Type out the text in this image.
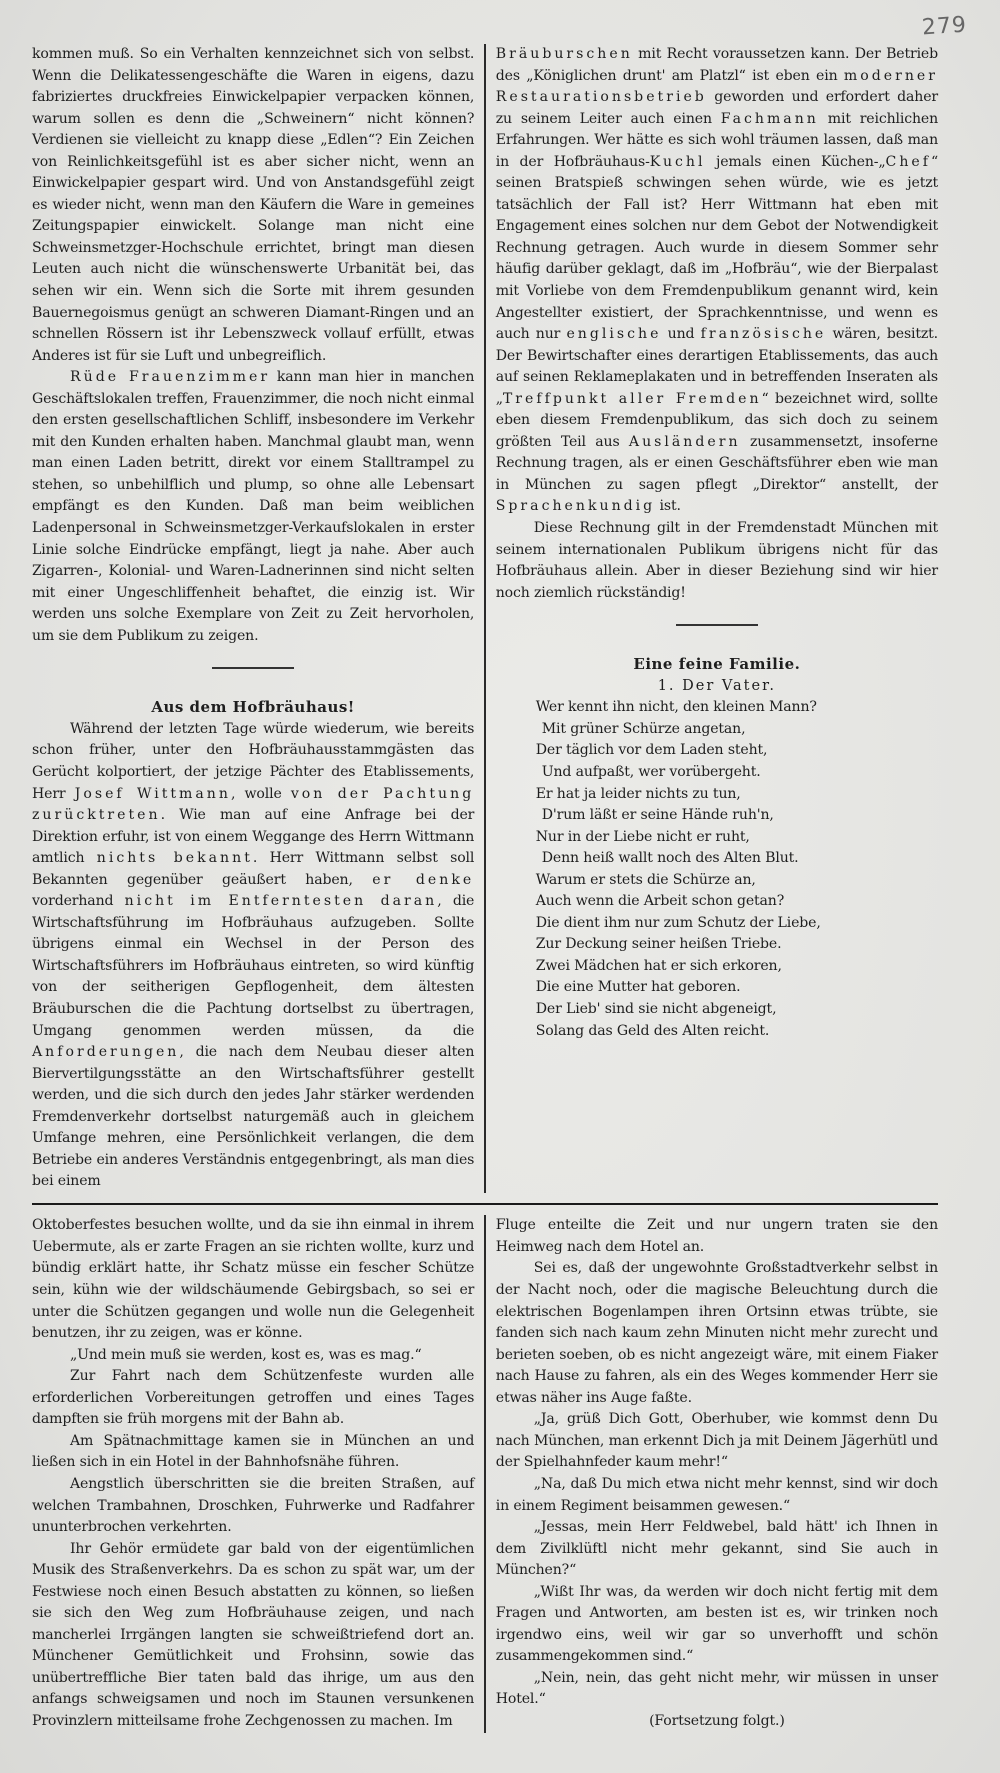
279

kommen muß. So ein Verhalten kennzeichnet sich von selbst. Wenn die Delikatessengeschäfte die Waren in eigens, dazu fabriziertes druckfreies Einwickelpapier verpacken können, warum sollen es denn die „Schweinern“ nicht können? Verdienen sie vielleicht zu knapp diese „Edlen“? Ein Zeichen von Reinlichkeitsgefühl ist es aber sicher nicht, wenn an Einwickelpapier gespart wird. Und von Anstandsgefühl zeigt es wieder nicht, wenn man den Käufern die Ware in gemeines Zeitungspapier einwickelt. Solange man nicht eine Schweinsmetzger-Hochschule errichtet, bringt man diesen Leuten auch nicht die wünschenswerte Urbanität bei, das sehen wir ein. Wenn sich die Sorte mit ihrem gesunden Bauernegoismus genügt an schweren Diamant-Ringen und an schnellen Rössern ist ihr Lebenszweck vollauf erfüllt, etwas Anderes ist für sie Luft und unbegreiflich.

Rüde Frauenzimmer kann man hier in manchen Geschäftslokalen treffen, Frauenzimmer, die noch nicht einmal den ersten gesellschaftlichen Schliff, insbesondere im Verkehr mit den Kunden erhalten haben. Manchmal glaubt man, wenn man einen Laden betritt, direkt vor einem Stalltrampel zu stehen, so unbehilflich und plump, so ohne alle Lebensart empfängt es den Kunden. Daß man beim weiblichen Ladenpersonal in Schweinsmetzger-Verkaufslokalen in erster Linie solche Eindrücke empfängt, liegt ja nahe. Aber auch Zigarren-, Kolonial- und Waren-Ladnerinnen sind nicht selten mit einer Ungeschliffenheit behaftet, die einzig ist. Wir werden uns solche Exemplare von Zeit zu Zeit hervorholen, um sie dem Publikum zu zeigen.

Aus dem Hofbräuhaus!

Während der letzten Tage würde wiederum, wie bereits schon früher, unter den Hofbräuhausstammgästen das Gerücht kolportiert, der jetzige Pächter des Etablissements, Herr Josef Wittmann, wolle von der Pachtung zurücktreten. Wie man auf eine Anfrage bei der Direktion erfuhr, ist von einem Weggange des Herrn Wittmann amtlich nichts bekannt. Herr Wittmann selbst soll Bekannten gegenüber geäußert haben, er denke vorderhand nicht im Entferntesten daran, die Wirtschaftsführung im Hofbräuhaus aufzugeben. Sollte übrigens einmal ein Wechsel in der Person des Wirtschaftsführers im Hofbräuhaus eintreten, so wird künftig von der seitherigen Gepflogenheit, dem ältesten Bräuburschen die die Pachtung dortselbst zu übertragen, Umgang genommen werden müssen, da die Anforderungen, die nach dem Neubau dieser alten Biervertilgungsstätte an den Wirtschaftsführer gestellt werden, und die sich durch den jedes Jahr stärker werdenden Fremdenverkehr dortselbst naturgemäß auch in gleichem Umfange mehren, eine Persönlichkeit verlangen, die dem Betriebe ein anderes Verständnis entgegenbringt, als man dies bei einem

Bräuburschen mit Recht voraussetzen kann. Der Betrieb des „Königlichen drunt' am Platzl“ ist eben ein moderner Restaurationsbetrieb geworden und erfordert daher zu seinem Leiter auch einen Fachmann mit reichlichen Erfahrungen. Wer hätte es sich wohl träumen lassen, daß man in der Hofbräuhaus-Kuchl jemals einen Küchen-„Chef“ seinen Bratspieß schwingen sehen würde, wie es jetzt tatsächlich der Fall ist? Herr Wittmann hat eben mit Engagement eines solchen nur dem Gebot der Notwendigkeit Rechnung getragen. Auch wurde in diesem Sommer sehr häufig darüber geklagt, daß im „Hofbräu“, wie der Bierpalast mit Vorliebe von dem Fremdenpublikum genannt wird, kein Angestellter existiert, der Sprachkenntnisse, und wenn es auch nur englische und französische wären, besitzt. Der Bewirtschafter eines derartigen Etablissements, das auch auf seinen Reklameplakaten und in betreffenden Inseraten als „Treffpunkt aller Fremden“ bezeichnet wird, sollte eben diesem Fremdenpublikum, das sich doch zu seinem größten Teil aus Ausländern zusammensetzt, insoferne Rechnung tragen, als er einen Geschäftsführer eben wie man in München zu sagen pflegt „Direktor“ anstellt, der Sprachenkundig ist.

Diese Rechnung gilt in der Fremdenstadt München mit seinem internationalen Publikum übrigens nicht für das Hofbräuhaus allein. Aber in dieser Beziehung sind wir hier noch ziemlich rückständig!

Eine feine Familie.
1. Der Vater.
Wer kennt ihn nicht, den kleinen Mann?
Mit grüner Schürze angetan,
Der täglich vor dem Laden steht,
Und aufpaßt, wer vorübergeht.
Er hat ja leider nichts zu tun,
D'rum läßt er seine Hände ruh'n,
Nur in der Liebe nicht er ruht,
Denn heiß wallt noch des Alten Blut.
Warum er stets die Schürze an,
Auch wenn die Arbeit schon getan?
Die dient ihm nur zum Schutz der Liebe,
Zur Deckung seiner heißen Triebe.
Zwei Mädchen hat er sich erkoren,
Die eine Mutter hat geboren.
Der Lieb' sind sie nicht abgeneigt,
Solang das Geld des Alten reicht.

Oktoberfestes besuchen wollte, und da sie ihn einmal in ihrem Uebermute, als er zarte Fragen an sie richten wollte, kurz und bündig erklärt hatte, ihr Schatz müsse ein fescher Schütze sein, kühn wie der wildschäumende Gebirgsbach, so sei er unter die Schützen gegangen und wolle nun die Gelegenheit benutzen, ihr zu zeigen, was er könne.

„Und mein muß sie werden, kost es, was es mag.“

Zur Fahrt nach dem Schützenfeste wurden alle erforderlichen Vorbereitungen getroffen und eines Tages dampften sie früh morgens mit der Bahn ab.

Am Spätnachmittage kamen sie in München an und ließen sich in ein Hotel in der Bahnhofsnähe führen.

Aengstlich überschritten sie die breiten Straßen, auf welchen Trambahnen, Droschken, Fuhrwerke und Radfahrer ununterbrochen verkehrten.

Ihr Gehör ermüdete gar bald von der eigentümlichen Musik des Straßenverkehrs. Da es schon zu spät war, um der Festwiese noch einen Besuch abstatten zu können, so ließen sie sich den Weg zum Hofbräuhause zeigen, und nach mancherlei Irrgängen langten sie schweißtriefend dort an. Münchener Gemütlichkeit und Frohsinn, sowie das unübertreffliche Bier taten bald das ihrige, um aus den anfangs schweigsamen und noch im Staunen versunkenen Provinzlern mitteilsame frohe Zechgenossen zu machen. Im

Fluge enteilte die Zeit und nur ungern traten sie den Heimweg nach dem Hotel an.

Sei es, daß der ungewohnte Großstadtverkehr selbst in der Nacht noch, oder die magische Beleuchtung durch die elektrischen Bogenlampen ihren Ortsinn etwas trübte, sie fanden sich nach kaum zehn Minuten nicht mehr zurecht und berieten soeben, ob es nicht angezeigt wäre, mit einem Fiaker nach Hause zu fahren, als ein des Weges kommender Herr sie etwas näher ins Auge faßte.

„Ja, grüß Dich Gott, Oberhuber, wie kommst denn Du nach München, man erkennt Dich ja mit Deinem Jägerhütl und der Spielhahnfeder kaum mehr!“

„Na, daß Du mich etwa nicht mehr kennst, sind wir doch in einem Regiment beisammen gewesen.“

„Jessas, mein Herr Feldwebel, bald hätt' ich Ihnen in dem Zivilklüftl nicht mehr gekannt, sind Sie auch in München?“

„Wißt Ihr was, da werden wir doch nicht fertig mit dem Fragen und Antworten, am besten ist es, wir trinken noch irgendwo eins, weil wir gar so unverhofft und schön zusammengekommen sind.“

„Nein, nein, das geht nicht mehr, wir müssen in unser Hotel.“

(Fortsetzung folgt.)
